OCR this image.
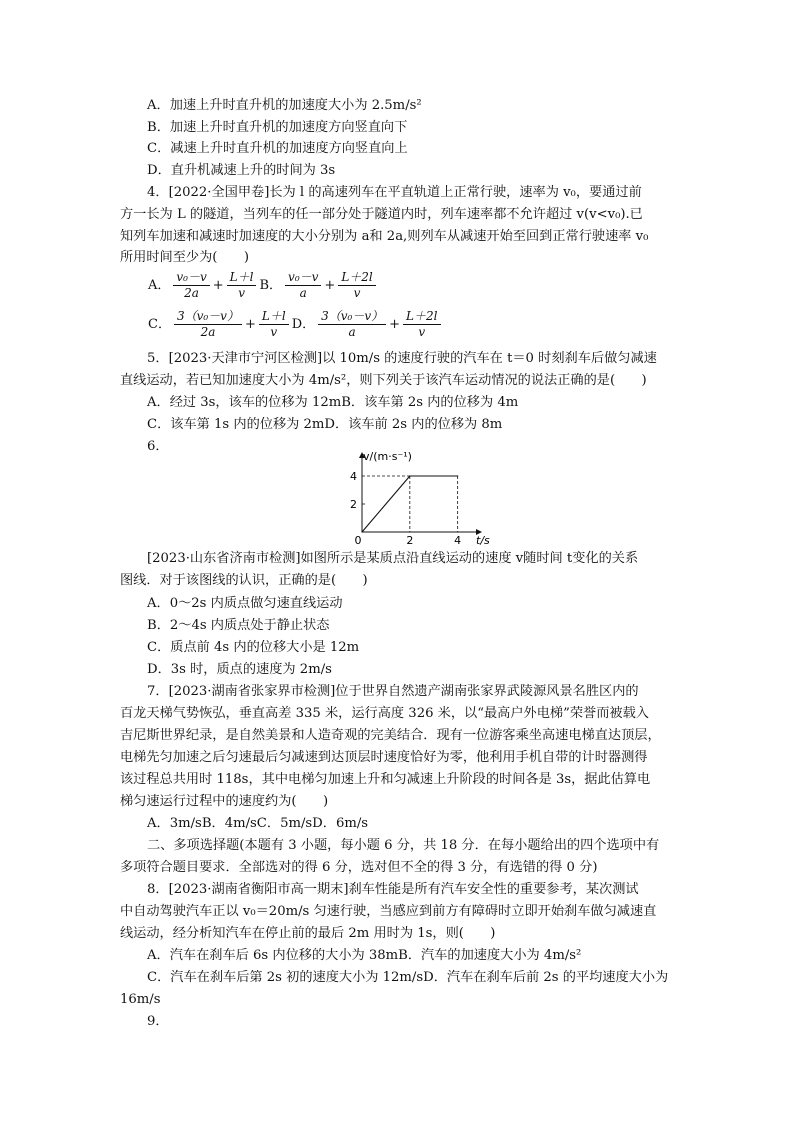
A．加速上升时直升机的加速度大小为 2.5m/s²
B．加速上升时直升机的加速度方向竖直向下
C．减速上升时直升机的加速度方向竖直向上
D．直升机减速上升的时间为 3s
4．[2022·全国甲卷]长为 l 的高速列车在平直轨道上正常行驶，速率为 v₀，要通过前
方一长为 L 的隧道，当列车的任一部分处于隧道内时，列车速率都不允许超过 v(v<v₀).已
知列车加速和减速时加速度的大小分别为 a和 2a,则列车从减速开始至回到正常行驶速率 v₀
所用时间至少为(　　)
A． $\frac{\text{v₀－v}}{2a} + \frac{L+l}{v}$ B． $\frac{\text{v₀－v}}{a} + \frac{L+2l}{v}$
C． $\frac{\text{3（v₀－v）}}{2a} + \frac{L+l}{v}$ D． $\frac{\text{3（v₀－v）}}{a} + \frac{L+2l}{v}$
5．[2023·天津市宁河区检测]以 10m/s 的速度行驶的汽车在 t＝0 时刻刹车后做匀减速
直线运动，若已知加速度大小为 4m/s²，则下列关于该汽车运动情况的说法正确的是(　　)
A．经过 3s，该车的位移为 12mB．该车第 2s 内的位移为 4m
C．该车第 1s 内的位移为 2mD．该车前 2s 内的位移为 8m
6．
0	2	4
2
4
v/(m·s⁻¹)
t/s
[2023·山东省济南市检测]如图所示是某质点沿直线运动的速度 v随时间 t变化的关系
图线．对于该图线的认识，正确的是(　　)
A．0～2s 内质点做匀速直线运动
B．2～4s 内质点处于静止状态
C．质点前 4s 内的位移大小是 12m
D．3s 时，质点的速度为 2m/s
7．[2023·湖南省张家界市检测]位于世界自然遗产湖南张家界武陵源风景名胜区内的
百龙天梯气势恢弘，垂直高差 335 米，运行高度 326 米，以“最高户外电梯”荣誉而被载入
吉尼斯世界纪录，是自然美景和人造奇观的完美结合．现有一位游客乘坐高速电梯直达顶层，
电梯先匀加速之后匀速最后匀减速到达顶层时速度恰好为零，他利用手机自带的计时器测得
该过程总共用时 118s，其中电梯匀加速上升和匀减速上升阶段的时间各是 3s，据此估算电
梯匀速运行过程中的速度约为(　　)
A．3m/sB．4m/sC．5m/sD．6m/s
二、多项选择题(本题有 3 小题，每小题 6 分，共 18 分．在每小题给出的四个选项中有
多项符合题目要求．全部选对的得 6 分，选对但不全的得 3 分，有选错的得 0 分)
8．[2023·湖南省衡阳市高一期末]刹车性能是所有汽车安全性的重要参考，某次测试
中自动驾驶汽车正以 v₀＝20m/s 匀速行驶，当感应到前方有障碍时立即开始刹车做匀减速直
线运动，经分析知汽车在停止前的最后 2m 用时为 1s，则(　　)
A．汽车在刹车后 6s 内位移的大小为 38mB．汽车的加速度大小为 4m/s²
C．汽车在刹车后第 2s 初的速度大小为 12m/sD．汽车在刹车后前 2s 的平均速度大小为
16m/s
9．
